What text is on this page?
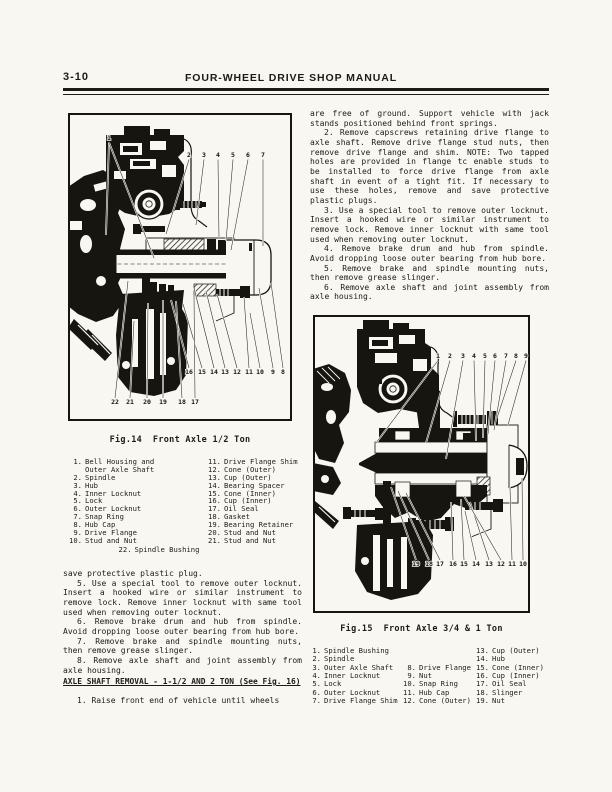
3-10	FOUR-WHEEL DRIVE SHOP MANUAL
1
2 3 4 5 6 7
16 15 14 13 12 11 10 9 8
22 21 20 19 18 17
Fig.14  Front Axle 1/2 Ton
1. Bell Housing and	11. Drive Flange Shim
Outer Axle Shaft	12. Cone (Outer)
2. Spindle	13. Cup (Outer)
3. Hub	14. Bearing Spacer
4. Inner Locknut	15. Cone (Inner)
5. Lock	16. Cup (Inner)
6. Outer Locknut	17. Oil Seal
7. Snap Ring	18. Gasket
8. Hub Cap	19. Bearing Retainer
9. Drive Flange	20. Stud and Nut
10. Stud and Nut	21. Stud and Nut
22. Spindle Bushing

save protective plastic plug.

5. Use a special tool to remove outer locknut. Insert a hooked wire or similar instrument to remove lock. Remove inner locknut with same tool used when removing outer locknut.

6. Remove brake drum and hub from spindle. Avoid dropping loose outer bearing from hub bore.

7. Remove brake and spindle mounting nuts, then remove grease slinger.

8. Remove axle shaft and joint assembly from axle housing.

AXLE SHAFT REMOVAL - 1-1/2 AND 2 TON (See Fig. 16)

1. Raise front end of vehicle until wheels

are free of ground. Support vehicle with jack stands positioned behind front springs.

2. Remove capscrews retaining drive flange to axle shaft. Remove drive flange stud nuts, then remove drive flange and shim. NOTE: Two tapped holes are provided in flange tc enable studs to be installed to force drive flange from axle shaft in event of a tight fit. If necessary to use these holes, remove and save protective plastic plugs.

3. Use a special tool to remove outer locknut. Insert a hooked wire or similar instrument to remove lock. Remove inner locknut with same tool used when removing outer locknut.

4. Remove brake drum and hub from spindle. Avoid dropping loose outer bearing from hub bore.

5. Remove brake and spindle mounting nuts, then remove grease slinger.

6. Remove axle shaft and joint assembly from axle housing.

1 2 3 4 5 6 7 8 9
19 18 17 16 15 14 13 12 11 10
Fig.15  Front Axle 3/4 & 1 Ton
1. Spindle Bushing	13. Cup (Outer)
2. Spindle	14. Hub
3. Outer Axle Shaft	8. Drive Flange 15. Cone (Inner)
4. Inner Locknut	9. Nut	16. Cup (Inner)
5. Lock	10. Snap Ring	17. Oil Seal
6. Outer Locknut	11. Hub Cap	18. Slinger
7. Drive Flange Shim 12. Cone (Outer) 19. Nut
